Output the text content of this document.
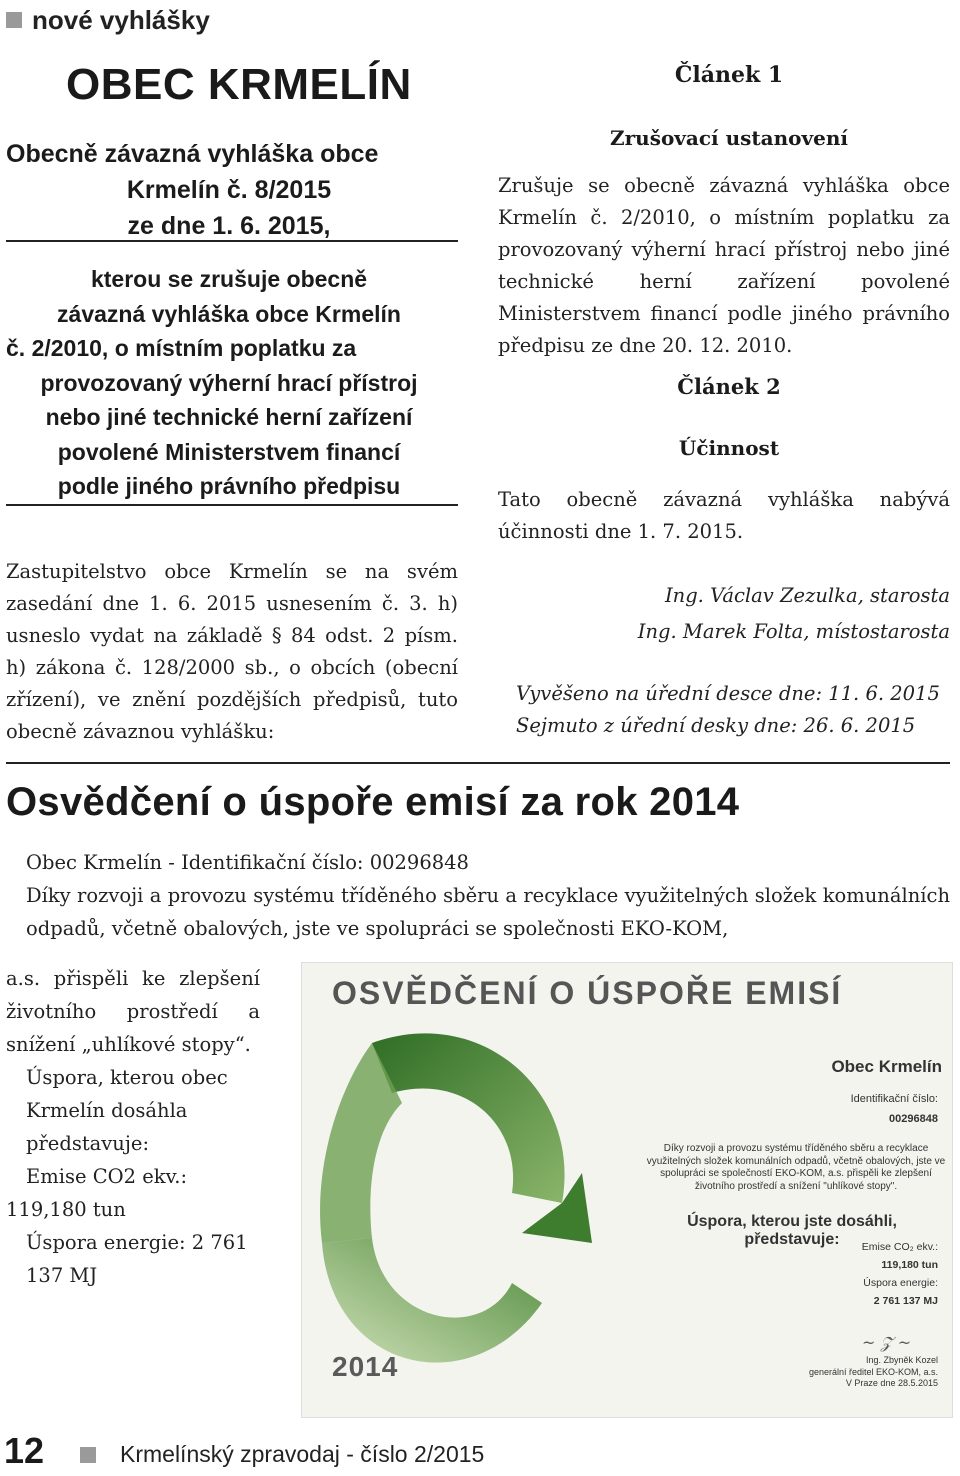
nové vyhlášky
OBEC KRMELÍN
Obecně závazná vyhláška obce
Krmelín č. 8/2015
ze dne 1. 6. 2015,
kterou se zrušuje obecně
závazná vyhláška obce Krmelín
č. 2/2010, o místním poplatku za
provozovaný výherní hrací přístroj
nebo jiné technické herní zařízení
povolené Ministerstvem financí
podle jiného právního předpisu
Zastupitelstvo obce Krmelín se na svém zasedání dne 1. 6. 2015 usnesením č. 3. h) usneslo vydat na základě § 84 odst. 2 písm. h) zákona č. 128/2000 sb., o obcích (obecní zřízení), ve znění pozdějších předpisů, tuto obecně závaznou vyhlášku:
Článek 1
Zrušovací ustanovení
Zrušuje se obecně závazná vyhláška obce Krmelín č. 2/2010, o místním poplatku za provozovaný výherní hrací přístroj nebo jiné technické herní zařízení povolené Ministerstvem financí podle jiného právního předpisu ze dne 20. 12. 2010.
Článek 2
Účinnost
Tato obecně závazná vyhláška nabývá účinnosti dne 1. 7. 2015.
Ing. Václav Zezulka, starosta
Ing. Marek Folta, místostarosta
Vyvěšeno na úřední desce dne: 11. 6. 2015
Sejmuto z úřední desky dne: 26. 6. 2015
Osvědčení o úspoře emisí za rok 2014
Obec Krmelín - Identifikační číslo: 00296848
Díky rozvoji a provozu systému tříděného sběru a recyklace využitelných složek komunálních odpadů, včetně obalových, jste ve spolupráci se společnosti EKO-KOM,

a.s. přispěli ke zlepšení životního prostředí a snížení „uhlíkové stopy“.

Úspora, kterou obec Krmelín dosáhla představuje:

Emise CO2 ekv.:

119,180 tun

Úspora energie: 2 761 137 MJ

OSVĚDČENÍ O ÚSPOŘE EMISÍ
Obec Krmelín
Identifikační číslo:
00296848
Díky rozvoji a provozu systému tříděného sběru a recyklace využitelných složek komunálních odpadů, včetně obalových, jste ve spolupráci se společností EKO-KOM, a.s. přispěli ke zlepšení životního prostředí a snížení "uhlíkové stopy".
Úspora, kterou jste dosáhli, představuje:	Emise CO₂ ekv.:
119,180 tun
Úspora energie:
2 761 137 MJ
~ 𝒵 ~
Ing. Zbyněk Kozel
generální ředitel EKO-KOM, a.s.
V Praze dne 28.5.2015
2014
12	Krmelínský zpravodaj - číslo 2/2015
